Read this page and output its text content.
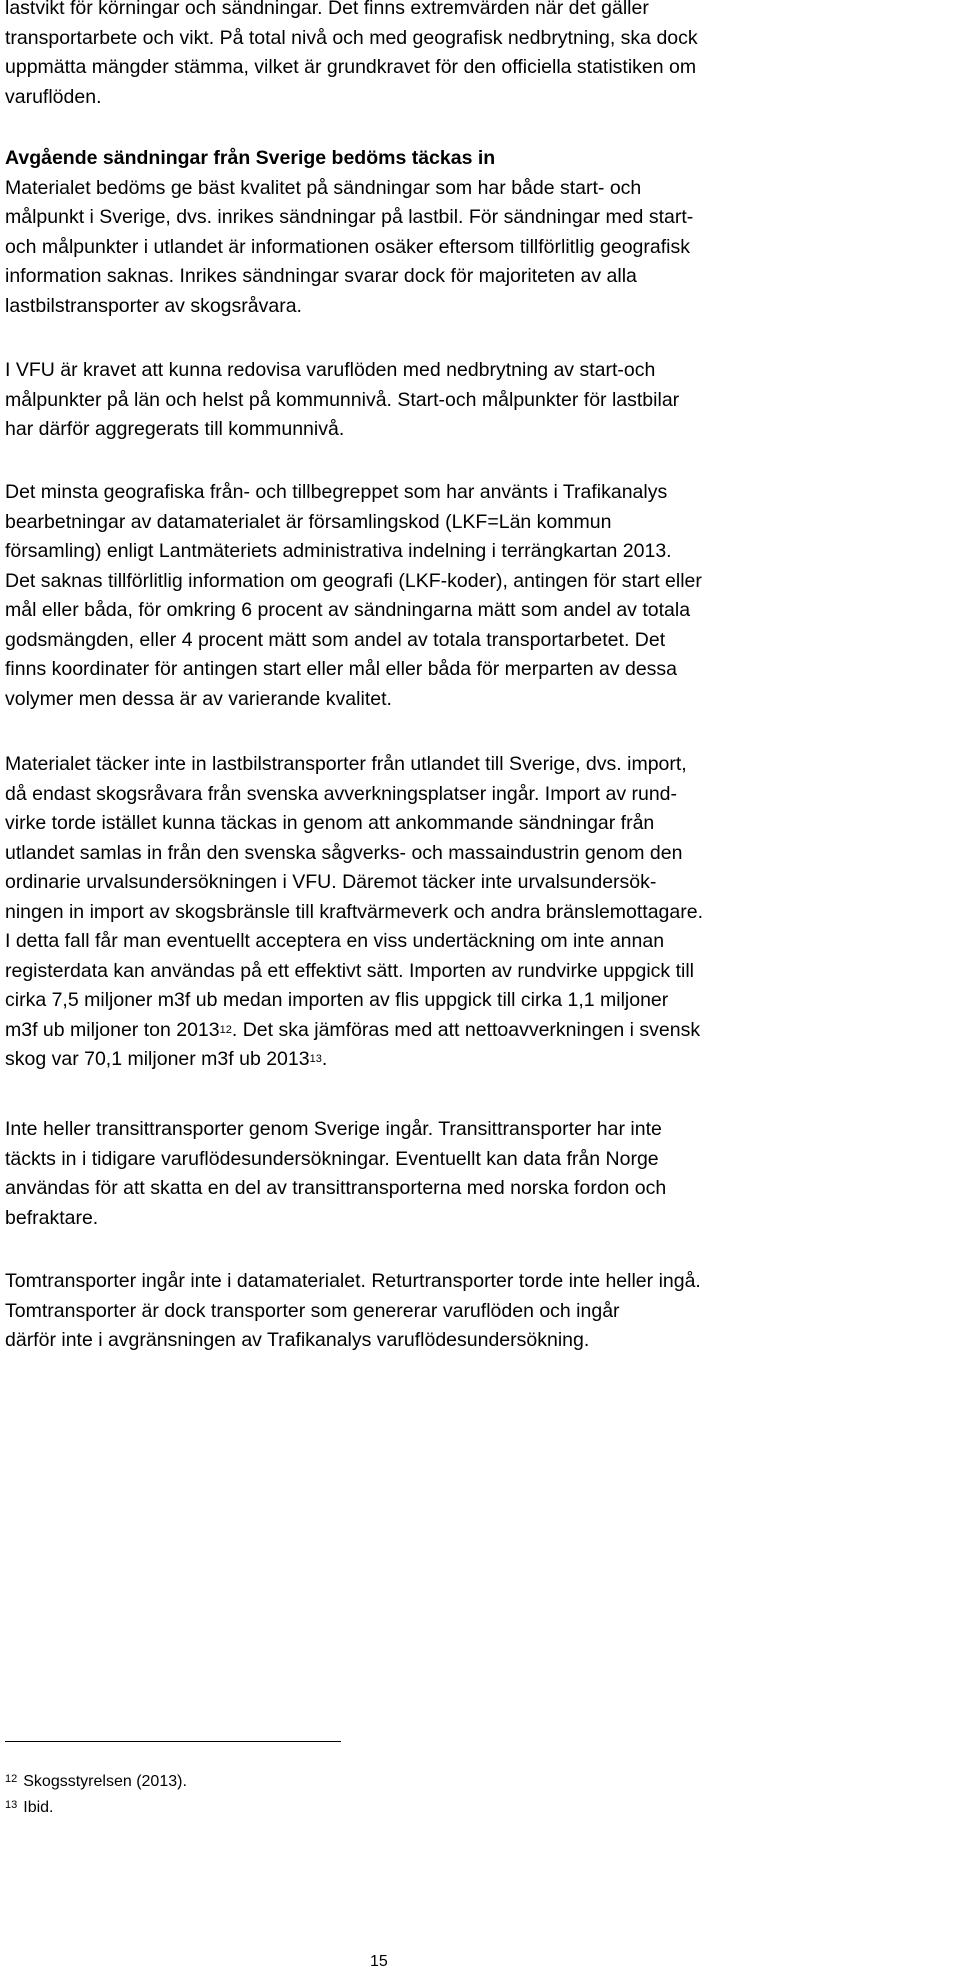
lastvikt för körningar och sändningar. Det finns extremvärden när det gäller
transportarbete och vikt. På total nivå och med geografisk nedbrytning, ska dock
uppmätta mängder stämma, vilket är grundkravet för den officiella statistiken om
varuflöden.
Avgående sändningar från Sverige bedöms täckas in
Materialet bedöms ge bäst kvalitet på sändningar som har både start- och
målpunkt i Sverige, dvs. inrikes sändningar på lastbil. För sändningar med start-
och målpunkter i utlandet är informationen osäker eftersom tillförlitlig geografisk
information saknas. Inrikes sändningar svarar dock för majoriteten av alla
lastbilstransporter av skogsråvara.
I VFU är kravet att kunna redovisa varuflöden med nedbrytning av start-och
målpunkter på län och helst på kommunnivå. Start-och målpunkter för lastbilar
har därför aggregerats till kommunnivå.
Det minsta geografiska från- och tillbegreppet som har använts i Trafikanalys
bearbetningar av datamaterialet är församlingskod (LKF=Län kommun
församling) enligt Lantmäteriets administrativa indelning i terrängkartan 2013.
Det saknas tillförlitlig information om geografi (LKF-koder), antingen för start eller
mål eller båda, för omkring 6 procent av sändningarna mätt som andel av totala
godsmängden, eller 4 procent mätt som andel av totala transportarbetet. Det
finns koordinater för antingen start eller mål eller båda för merparten av dessa
volymer men dessa är av varierande kvalitet.
Materialet täcker inte in lastbilstransporter från utlandet till Sverige, dvs. import,
då endast skogsråvara från svenska avverkningsplatser ingår. Import av rund-
virke torde istället kunna täckas in genom att ankommande sändningar från
utlandet samlas in från den svenska sågverks- och massaindustrin genom den
ordinarie urvalsundersökningen i VFU. Däremot täcker inte urvalsundersök-
ningen in import av skogsbränsle till kraftvärmeverk och andra bränslemottagare.
I detta fall får man eventuellt acceptera en viss undertäckning om inte annan
registerdata kan användas på ett effektivt sätt. Importen av rundvirke uppgick till
cirka 7,5 miljoner m3f ub medan importen av flis uppgick till cirka 1,1 miljoner
m3f ub miljoner ton 2013$^{12}$. Det ska jämföras med att nettoavverkningen i svensk
skog var 70,1 miljoner m3f ub 2013$^{13}$.
Inte heller transittransporter genom Sverige ingår. Transittransporter har inte
täckts in i tidigare varuflödesundersökningar. Eventuellt kan data från Norge
användas för att skatta en del av transittransporterna med norska fordon och
befraktare.
Tomtransporter ingår inte i datamaterialet. Returtransporter torde inte heller ingå.
Tomtransporter är dock transporter som genererar varuflöden och ingår
därför inte i avgränsningen av Trafikanalys varuflödesundersökning.
$^{12}$ Skogsstyrelsen (2013).
$^{13}$ Ibid.
15
